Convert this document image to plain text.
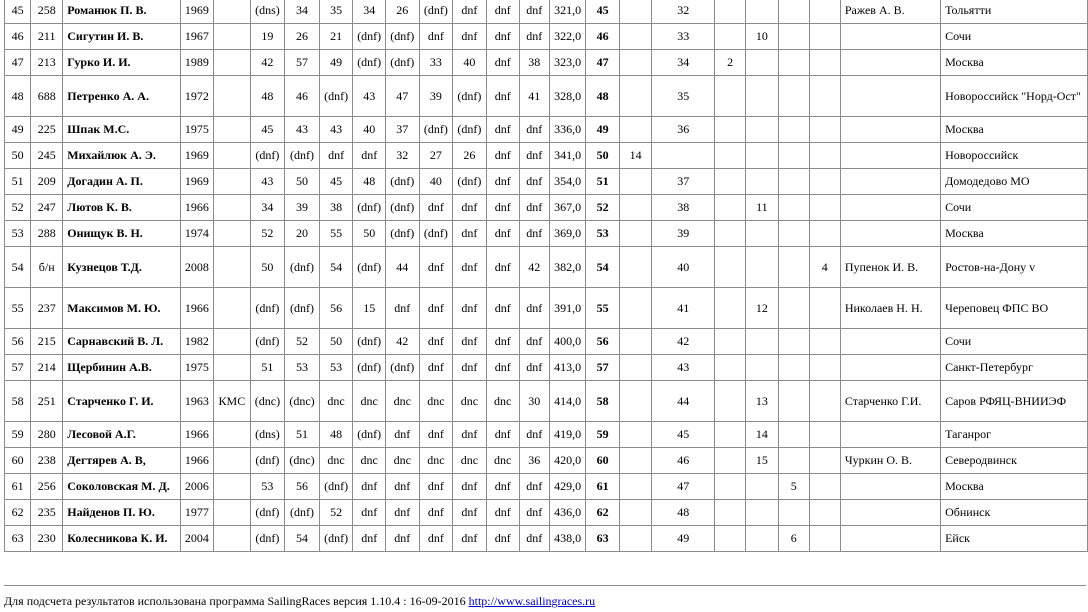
45	258	Романюк П. В.	1969		(dns)	34	35	34	26	(dnf)	dnf	dnf	dnf	321,0	45		32					Ражев А. В.	Тольятти
46	211	Сигутин И. В.	1967		19	26	21	(dnf)	(dnf)	dnf	dnf	dnf	dnf	322,0	46		33		10				Сочи
47	213	Гурко И. И.	1989		42	57	49	(dnf)	(dnf)	33	40	dnf	38	323,0	47		34	2					Москва
48	688	Петренко А. А.	1972		48	46	(dnf)	43	47	39	(dnf)	dnf	41	328,0	48		35						Новороссийск "Норд-Ост"
49	225	Шпак М.С.	1975		45	43	43	40	37	(dnf)	(dnf)	dnf	dnf	336,0	49		36						Москва
50	245	Михайлюк А. Э.	1969		(dnf)	(dnf)	dnf	dnf	32	27	26	dnf	dnf	341,0	50	14							Новороссийск
51	209	Догадин А. П.	1969		43	50	45	48	(dnf)	40	(dnf)	dnf	dnf	354,0	51		37						Домодедово МО
52	247	Лютов К. В.	1966		34	39	38	(dnf)	(dnf)	dnf	dnf	dnf	dnf	367,0	52		38		11				Сочи
53	288	Онищук В. Н.	1974		52	20	55	50	(dnf)	(dnf)	dnf	dnf	dnf	369,0	53		39						Москва
54	б/н	Кузнецов Т.Д.	2008		50	(dnf)	54	(dnf)	44	dnf	dnf	dnf	42	382,0	54		40				4	Пупенок И. В.	Ростов-на-Дону v
55	237	Максимов М. Ю.	1966		(dnf)	(dnf)	56	15	dnf	dnf	dnf	dnf	dnf	391,0	55		41		12			Николаев Н. Н.	Череповец ФПС ВО
56	215	Сарнавский В. Л.	1982		(dnf)	52	50	(dnf)	42	dnf	dnf	dnf	dnf	400,0	56		42						Сочи
57	214	Щербинин А.В.	1975		51	53	53	(dnf)	(dnf)	dnf	dnf	dnf	dnf	413,0	57		43						Санкт-Петербург
58	251	Старченко Г. И.	1963	КМС	(dnc)	(dnc)	dnc	dnc	dnc	dnc	dnc	dnc	30	414,0	58		44		13			Старченко Г.И.	Саров РФЯЦ-ВНИИЭФ
59	280	Лесовой А.Г.	1966		(dns)	51	48	(dnf)	dnf	dnf	dnf	dnf	dnf	419,0	59		45		14				Таганрог
60	238	Дегтярев А. В,	1966		(dnf)	(dnc)	dnc	dnc	dnc	dnc	dnc	dnc	36	420,0	60		46		15			Чуркин О. В.	Северодвинск
61	256	Соколовская М. Д.	2006		53	56	(dnf)	dnf	dnf	dnf	dnf	dnf	dnf	429,0	61		47			5			Москва
62	235	Найденов П. Ю.	1977		(dnf)	(dnf)	52	dnf	dnf	dnf	dnf	dnf	dnf	436,0	62		48						Обнинск
63	230	Колесникова К. И.	2004		(dnf)	54	(dnf)	dnf	dnf	dnf	dnf	dnf	dnf	438,0	63		49			6			Ейск
Для подсчета результатов использована программа SailingRaces версия 1.10.4 : 16-09-2016 http://www.sailingraces.ru
